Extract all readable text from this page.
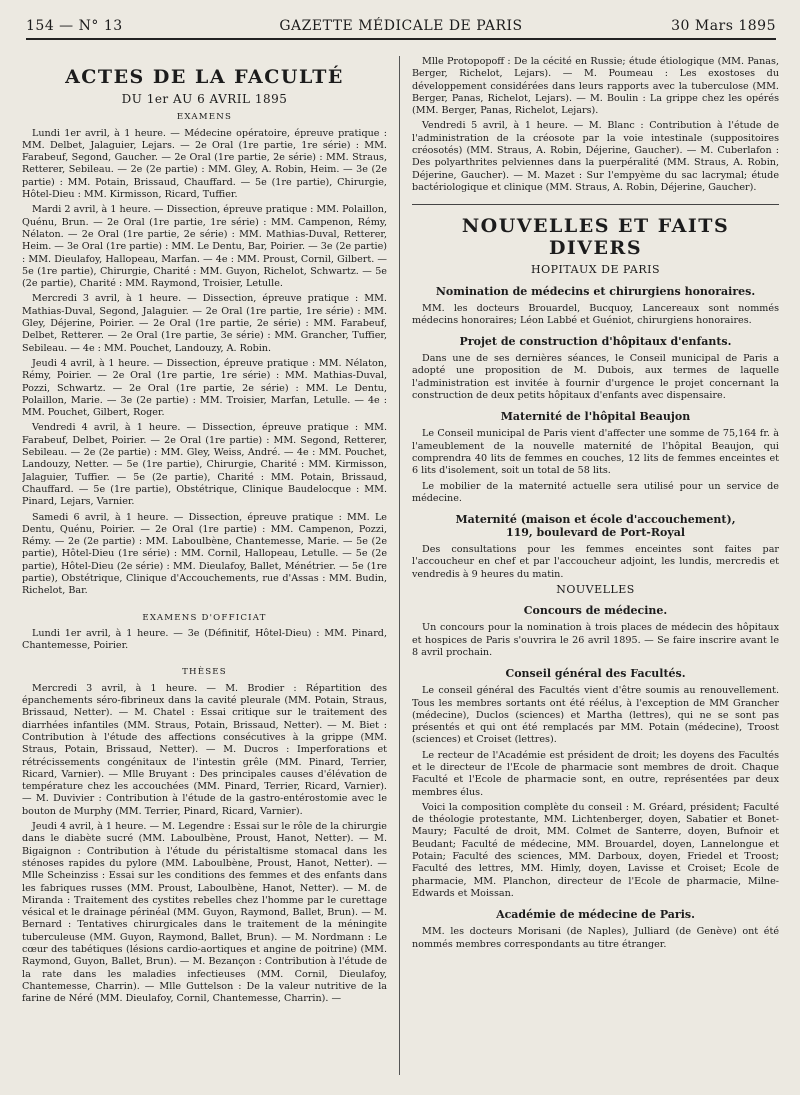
154 — N° 13	GAZETTE MÉDICALE DE PARIS	30 Mars 1895
ACTES DE LA FACULTÉ
DU 1er AU 6 AVRIL 1895
EXAMENS

Lundi 1er avril, à 1 heure. — Médecine opératoire, épreuve pratique : MM. Delbet, Jalaguier, Lejars. — 2e Oral (1re partie, 1re série) : MM. Farabeuf, Segond, Gaucher. — 2e Oral (1re partie, 2e série) : MM. Straus, Retterer, Sebileau. — 2e (2e partie) : MM. Gley, A. Robin, Heim. — 3e (2e partie) : MM. Potain, Brissaud, Chauffard. — 5e (1re partie), Chirurgie, Hôtel-Dieu : MM. Kirmisson, Ricard, Tuffier.

Mardi 2 avril, à 1 heure. — Dissection, épreuve pratique : MM. Polaillon, Quénu, Brun. — 2e Oral (1re partie, 1re série) : MM. Campenon, Rémy, Nélaton. — 2e Oral (1re partie, 2e série) : MM. Mathias-Duval, Retterer, Heim. — 3e Oral (1re partie) : MM. Le Dentu, Bar, Poirier. — 3e (2e partie) : MM. Dieulafoy, Hallopeau, Marfan. — 4e : MM. Proust, Cornil, Gilbert. — 5e (1re partie), Chirurgie, Charité : MM. Guyon, Richelot, Schwartz. — 5e (2e partie), Charité : MM. Raymond, Troisier, Letulle.

Mercredi 3 avril, à 1 heure. — Dissection, épreuve pratique : MM. Mathias-Duval, Segond, Jalaguier. — 2e Oral (1re partie, 1re série) : MM. Gley, Déjerine, Poirier. — 2e Oral (1re partie, 2e série) : MM. Farabeuf, Delbet, Retterer. — 2e Oral (1re partie, 3e série) : MM. Grancher, Tuffier, Sebileau. — 4e : MM. Pouchet, Landouzy, A. Robin.

Jeudi 4 avril, à 1 heure. — Dissection, épreuve pratique : MM. Nélaton, Rémy, Poirier. — 2e Oral (1re partie, 1re série) : MM. Mathias-Duval, Pozzi, Schwartz. — 2e Oral (1re partie, 2e série) : MM. Le Dentu, Polaillon, Marie. — 3e (2e partie) : MM. Troisier, Marfan, Letulle. — 4e : MM. Pouchet, Gilbert, Roger.

Vendredi 4 avril, à 1 heure. — Dissection, épreuve pratique : MM. Farabeuf, Delbet, Poirier. — 2e Oral (1re partie) : MM. Segond, Retterer, Sebileau. — 2e (2e partie) : MM. Gley, Weiss, André. — 4e : MM. Pouchet, Landouzy, Netter. — 5e (1re partie), Chirurgie, Charité : MM. Kirmisson, Jalaguier, Tuffier. — 5e (2e partie), Charité : MM. Potain, Brissaud, Chauffard. — 5e (1re partie), Obstétrique, Clinique Baudelocque : MM. Pinard, Lejars, Varnier.

Samedi 6 avril, à 1 heure. — Dissection, épreuve pratique : MM. Le Dentu, Quénu, Poirier. — 2e Oral (1re partie) : MM. Campenon, Pozzi, Rémy. — 2e (2e partie) : MM. Laboulbène, Chantemesse, Marie. — 5e (2e partie), Hôtel-Dieu (1re série) : MM. Cornil, Hallopeau, Letulle. — 5e (2e partie), Hôtel-Dieu (2e série) : MM. Dieulafoy, Ballet, Ménétrier. — 5e (1re partie), Obstétrique, Clinique d'Accouchements, rue d'Assas : MM. Budin, Richelot, Bar.

EXAMENS D'OFFICIAT

Lundi 1er avril, à 1 heure. — 3e (Définitif, Hôtel-Dieu) : MM. Pinard, Chantemesse, Poirier.

THÈSES

Mercredi 3 avril, à 1 heure. — M. Brodier : Répartition des épanchements séro-fibrineux dans la cavité pleurale (MM. Potain, Straus, Brissaud, Netter). — M. Chatel : Essai critique sur le traitement des diarrhées infantiles (MM. Straus, Potain, Brissaud, Netter). — M. Biet : Contribution à l'étude des affections consécutives à la grippe (MM. Straus, Potain, Brissaud, Netter). — M. Ducros : Imperforations et rétrécissements congénitaux de l'intestin grêle (MM. Pinard, Terrier, Ricard, Varnier). — Mlle Bruyant : Des principales causes d'élévation de température chez les accouchées (MM. Pinard, Terrier, Ricard, Varnier). — M. Duvivier : Contribution à l'étude de la gastro-entérostomie avec le bouton de Murphy (MM. Terrier, Pinard, Ricard, Varnier).

Jeudi 4 avril, à 1 heure. — M. Legendre : Essai sur le rôle de la chirurgie dans le diabète sucré (MM. Laboulbène, Proust, Hanot, Netter). — M. Bigaignon : Contribution à l'étude du péristaltisme stomacal dans les sténoses rapides du pylore (MM. Laboulbène, Proust, Hanot, Netter). — Mlle Scheinziss : Essai sur les conditions des femmes et des enfants dans les fabriques russes (MM. Proust, Laboulbène, Hanot, Netter). — M. de Miranda : Traitement des cystites rebelles chez l'homme par le curettage vésical et le drainage périnéal (MM. Guyon, Raymond, Ballet, Brun). — M. Bernard : Tentatives chirurgicales dans le traitement de la méningite tuberculeuse (MM. Guyon, Raymond, Ballet, Brun). — M. Nordmann : Le cœur des tabétiques (lésions cardio-aortiques et angine de poitrine) (MM. Raymond, Guyon, Ballet, Brun). — M. Bezançon : Contribution à l'étude de la rate dans les maladies infectieuses (MM. Cornil, Dieulafoy, Chantemesse, Charrin). — Mlle Guttelson : De la valeur nutritive de la farine de Néré (MM. Dieulafoy, Cornil, Chantemesse, Charrin). —

Mlle Protopopoff : De la cécité en Russie; étude étiologique (MM. Panas, Berger, Richelot, Lejars). — M. Poumeau : Les exostoses du développement considérées dans leurs rapports avec la tuberculose (MM. Berger, Panas, Richelot, Lejars). — M. Boulin : La grippe chez les opérés (MM. Berger, Panas, Richelot, Lejars).

Vendredi 5 avril, à 1 heure. — M. Blanc : Contribution à l'étude de l'administration de la créosote par la voie intestinale (suppositoires créosotés) (MM. Straus, A. Robin, Déjerine, Gaucher). — M. Cuberlafon : Des polyarthrites pelviennes dans la puerpéralité (MM. Straus, A. Robin, Déjerine, Gaucher). — M. Mazet : Sur l'empyème du sac lacrymal; étude bactériologique et clinique (MM. Straus, A. Robin, Déjerine, Gaucher).

NOUVELLES ET FAITS DIVERS
HOPITAUX DE PARIS
Nomination de médecins et chirurgiens honoraires.

MM. les docteurs Brouardel, Bucquoy, Lancereaux sont nommés médecins honoraires; Léon Labbé et Guéniot, chirurgiens honoraires.

Projet de construction d'hôpitaux d'enfants.

Dans une de ses dernières séances, le Conseil municipal de Paris a adopté une proposition de M. Dubois, aux termes de laquelle l'administration est invitée à fournir d'urgence le projet concernant la construction de deux petits hôpitaux d'enfants avec dispensaire.

Maternité de l'hôpital Beaujon

Le Conseil municipal de Paris vient d'affecter une somme de 75,164 fr. à l'ameublement de la nouvelle maternité de l'hôpital Beaujon, qui comprendra 40 lits de femmes en couches, 12 lits de femmes enceintes et 6 lits d'isolement, soit un total de 58 lits.

Le mobilier de la maternité actuelle sera utilisé pour un service de médecine.

Maternité (maison et école d'accouchement),
119, boulevard de Port-Royal

Des consultations pour les femmes enceintes sont faites par l'accoucheur en chef et par l'accoucheur adjoint, les lundis, mercredis et vendredis à 9 heures du matin.

NOUVELLES
Concours de médecine.

Un concours pour la nomination à trois places de médecin des hôpitaux et hospices de Paris s'ouvrira le 26 avril 1895. — Se faire inscrire avant le 8 avril prochain.

Conseil général des Facultés.

Le conseil général des Facultés vient d'être soumis au renouvellement. Tous les membres sortants ont été réélus, à l'exception de MM Grancher (médecine), Duclos (sciences) et Martha (lettres), qui ne se sont pas présentés et qui ont été remplacés par MM. Potain (médecine), Troost (sciences) et Croiset (lettres).

Le recteur de l'Académie est président de droit; les doyens des Facultés et le directeur de l'Ecole de pharmacie sont membres de droit. Chaque Faculté et l'Ecole de pharmacie sont, en outre, représentées par deux membres élus.

Voici la composition complète du conseil : M. Gréard, président; Faculté de théologie protestante, MM. Lichtenberger, doyen, Sabatier et Bonet-Maury; Faculté de droit, MM. Colmet de Santerre, doyen, Bufnoir et Beudant; Faculté de médecine, MM. Brouardel, doyen, Lannelongue et Potain; Faculté des sciences, MM. Darboux, doyen, Friedel et Troost; Faculté des lettres, MM. Himly, doyen, Lavisse et Croiset; Ecole de pharmacie, MM. Planchon, directeur de l'Ecole de pharmacie, Milne-Edwards et Moissan.

Académie de médecine de Paris.

MM. les docteurs Morisani (de Naples), Julliard (de Genève) ont été nommés membres correspondants au titre étranger.
